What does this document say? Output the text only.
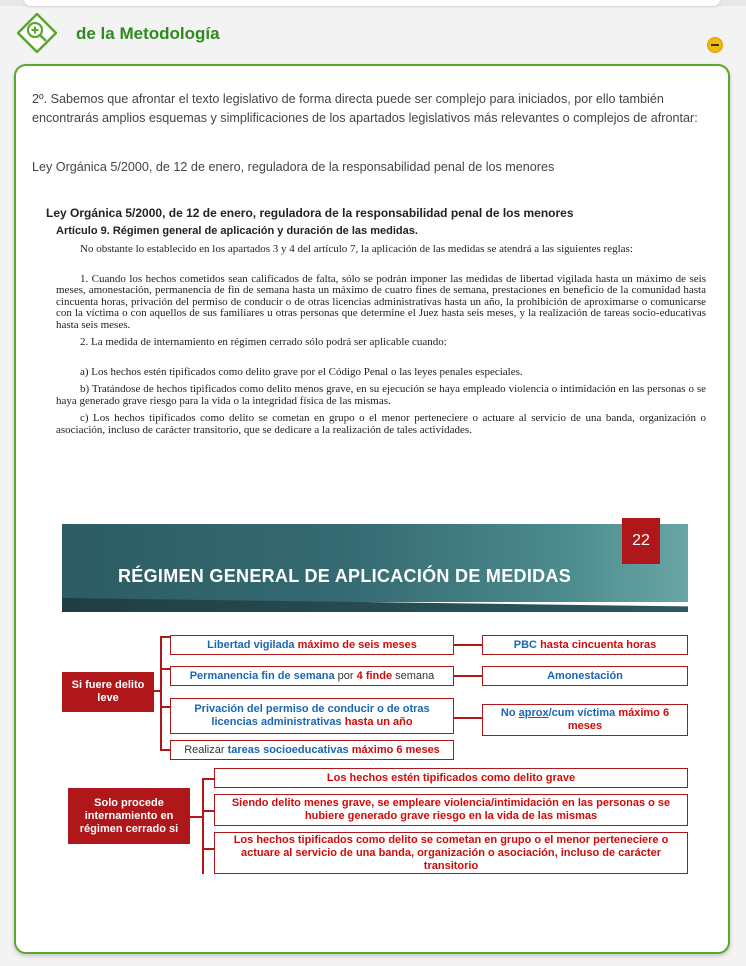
de la Metodología
2º. Sabemos que afrontar el texto legislativo de forma directa puede ser complejo para iniciados, por ello también encontrarás amplios esquemas y simplificaciones de los apartados legislativos más relevantes o complejos de afrontar:
Ley Orgánica 5/2000, de 12 de enero, reguladora de la responsabilidad penal de los menores
Ley Orgánica 5/2000, de 12 de enero, reguladora de la responsabilidad penal de los menores
Artículo 9. Régimen general de aplicación y duración de las medidas.

No obstante lo establecido en los apartados 3 y 4 del artículo 7, la aplicación de las medidas se atendrá a las siguientes reglas:

1. Cuando los hechos cometidos sean calificados de falta, sólo se podrán imponer las medidas de libertad vigilada hasta un máximo de seis meses, amonestación, permanencia de fin de semana hasta un máximo de cuatro fines de semana, prestaciones en beneficio de la comunidad hasta cincuenta horas, privación del permiso de conducir o de otras licencias administrativas hasta un año, la prohibición de aproximarse o comunicarse con la víctima o con aquellos de sus familiares u otras personas que determine el Juez hasta seis meses, y la realización de tareas socio-educativas hasta seis meses.

2. La medida de internamiento en régimen cerrado sólo podrá ser aplicable cuando:

a) Los hechos estén tipificados como delito grave por el Código Penal o las leyes penales especiales.

b) Tratándose de hechos tipificados como delito menos grave, en su ejecución se haya empleado violencia o intimidación en las personas o se haya generado grave riesgo para la vida o la integridad física de las mismas.

c) Los hechos tipificados como delito se cometan en grupo o el menor perteneciere o actuare al servicio de una banda, organización o asociación, incluso de carácter transitorio, que se dedicare a la realización de tales actividades.

RÉGIMEN GENERAL DE APLICACIÓN DE MEDIDAS
22
Si fuere delito leve
Libertad vigilada
máximo de seis meses
Permanencia fin de semana
por
4 finde
semana
Privación del permiso de conducir o de otras licencias administrativas hasta un año
Realizar
tareas socioeducativas
máximo 6 meses
PBC
hasta cincuenta horas
Amonestación
No aprox/cum víctima máximo 6 meses
Solo procede internamiento en régimen cerrado si
Los hechos estén tipificados como delito grave
Siendo delito menes grave, se empleare violencia/intimidación en las personas o se hubiere generado grave riesgo en la vida de las mismas
Los hechos tipificados como delito se cometan en grupo o el menor perteneciere o actuare al servicio de una banda, organización o asociación, incluso de carácter transitorio
